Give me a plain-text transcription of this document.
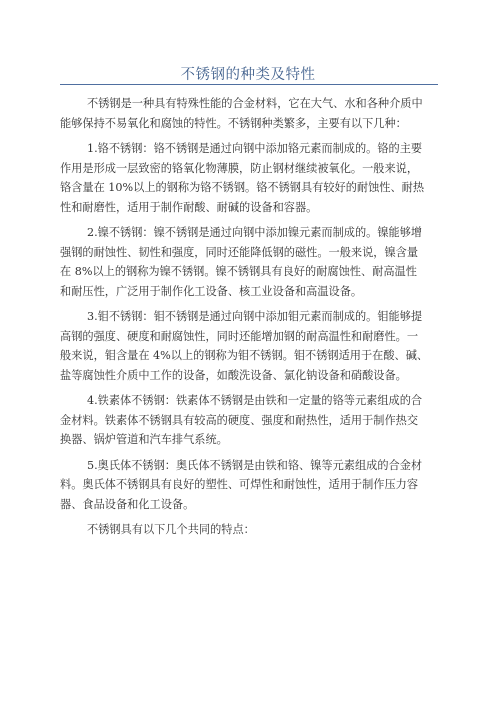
不锈钢的种类及特性

不锈钢是一种具有特殊性能的合金材料，它在大气、水和各种介质中
能够保持不易氧化和腐蚀的特性。不锈钢种类繁多，主要有以下几种：

1.铬不锈钢：铬不锈钢是通过向钢中添加铬元素而制成的。铬的主要
作用是形成一层致密的铬氧化物薄膜，防止钢材继续被氧化。一般来说，
铬含量在 10%以上的钢称为铬不锈钢。铬不锈钢具有较好的耐蚀性、耐热
性和耐磨性，适用于制作耐酸、耐碱的设备和容器。

2.镍不锈钢：镍不锈钢是通过向钢中添加镍元素而制成的。镍能够增
强钢的耐蚀性、韧性和强度，同时还能降低钢的磁性。一般来说，镍含量
在 8%以上的钢称为镍不锈钢。镍不锈钢具有良好的耐腐蚀性、耐高温性
和耐压性，广泛用于制作化工设备、核工业设备和高温设备。

3.钼不锈钢：钼不锈钢是通过向钢中添加钼元素而制成的。钼能够提
高钢的强度、硬度和耐腐蚀性，同时还能增加钢的耐高温性和耐磨性。一
般来说，钼含量在 4%以上的钢称为钼不锈钢。钼不锈钢适用于在酸、碱、
盐等腐蚀性介质中工作的设备，如酸洗设备、氯化钠设备和硝酸设备。

4.铁素体不锈钢：铁素体不锈钢是由铁和一定量的铬等元素组成的合
金材料。铁素体不锈钢具有较高的硬度、强度和耐热性，适用于制作热交
换器、锅炉管道和汽车排气系统。

5.奥氏体不锈钢：奥氏体不锈钢是由铁和铬、镍等元素组成的合金材
料。奥氏体不锈钢具有良好的塑性、可焊性和耐蚀性，适用于制作压力容
器、食品设备和化工设备。

不锈钢具有以下几个共同的特点：
